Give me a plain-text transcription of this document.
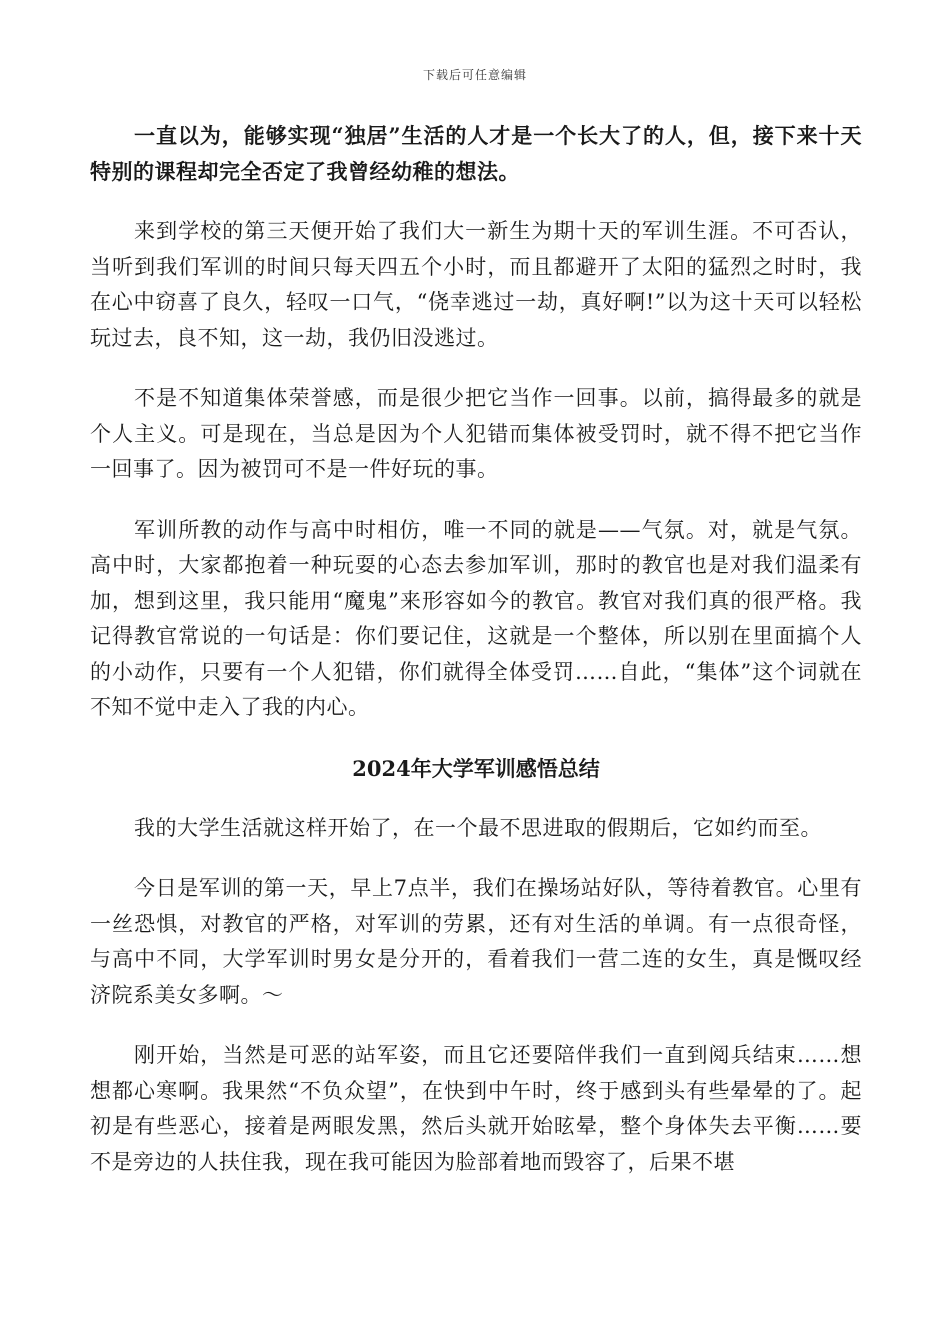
下载后可任意编辑

一直以为，能够实现“独居”生活的人才是一个长大了的人，但，接下来十天特别的课程却完全否定了我曾经幼稚的想法。

来到学校的第三天便开始了我们大一新生为期十天的军训生涯。不可否认，当听到我们军训的时间只每天四五个小时，而且都避开了太阳的猛烈之时时，我在心中窃喜了良久，轻叹一口气，“侥幸逃过一劫，真好啊!”以为这十天可以轻松玩过去，良不知，这一劫，我仍旧没逃过。

不是不知道集体荣誉感，而是很少把它当作一回事。以前，搞得最多的就是个人主义。可是现在，当总是因为个人犯错而集体被受罚时，就不得不把它当作一回事了。因为被罚可不是一件好玩的事。

军训所教的动作与高中时相仿，唯一不同的就是——气氛。对，就是气氛。高中时，大家都抱着一种玩耍的心态去参加军训，那时的教官也是对我们温柔有加，想到这里，我只能用“魔鬼”来形容如今的教官。教官对我们真的很严格。我记得教官常说的一句话是：你们要记住，这就是一个整体，所以别在里面搞个人的小动作，只要有一个人犯错，你们就得全体受罚……自此，“集体”这个词就在不知不觉中走入了我的内心。

2024年大学军训感悟总结

我的大学生活就这样开始了，在一个最不思进取的假期后，它如约而至。

今日是军训的第一天，早上7点半，我们在操场站好队，等待着教官。心里有一丝恐惧，对教官的严格，对军训的劳累，还有对生活的单调。有一点很奇怪，与高中不同，大学军训时男女是分开的，看着我们一营二连的女生，真是慨叹经济院系美女多啊。～

刚开始，当然是可恶的站军姿，而且它还要陪伴我们一直到阅兵结束……想想都心寒啊。我果然“不负众望”，在快到中午时，终于感到头有些晕晕的了。起初是有些恶心，接着是两眼发黑，然后头就开始昡晕，整个身体失去平衡……要不是旁边的人扶住我，现在我可能因为脸部着地而毁容了，后果不堪
